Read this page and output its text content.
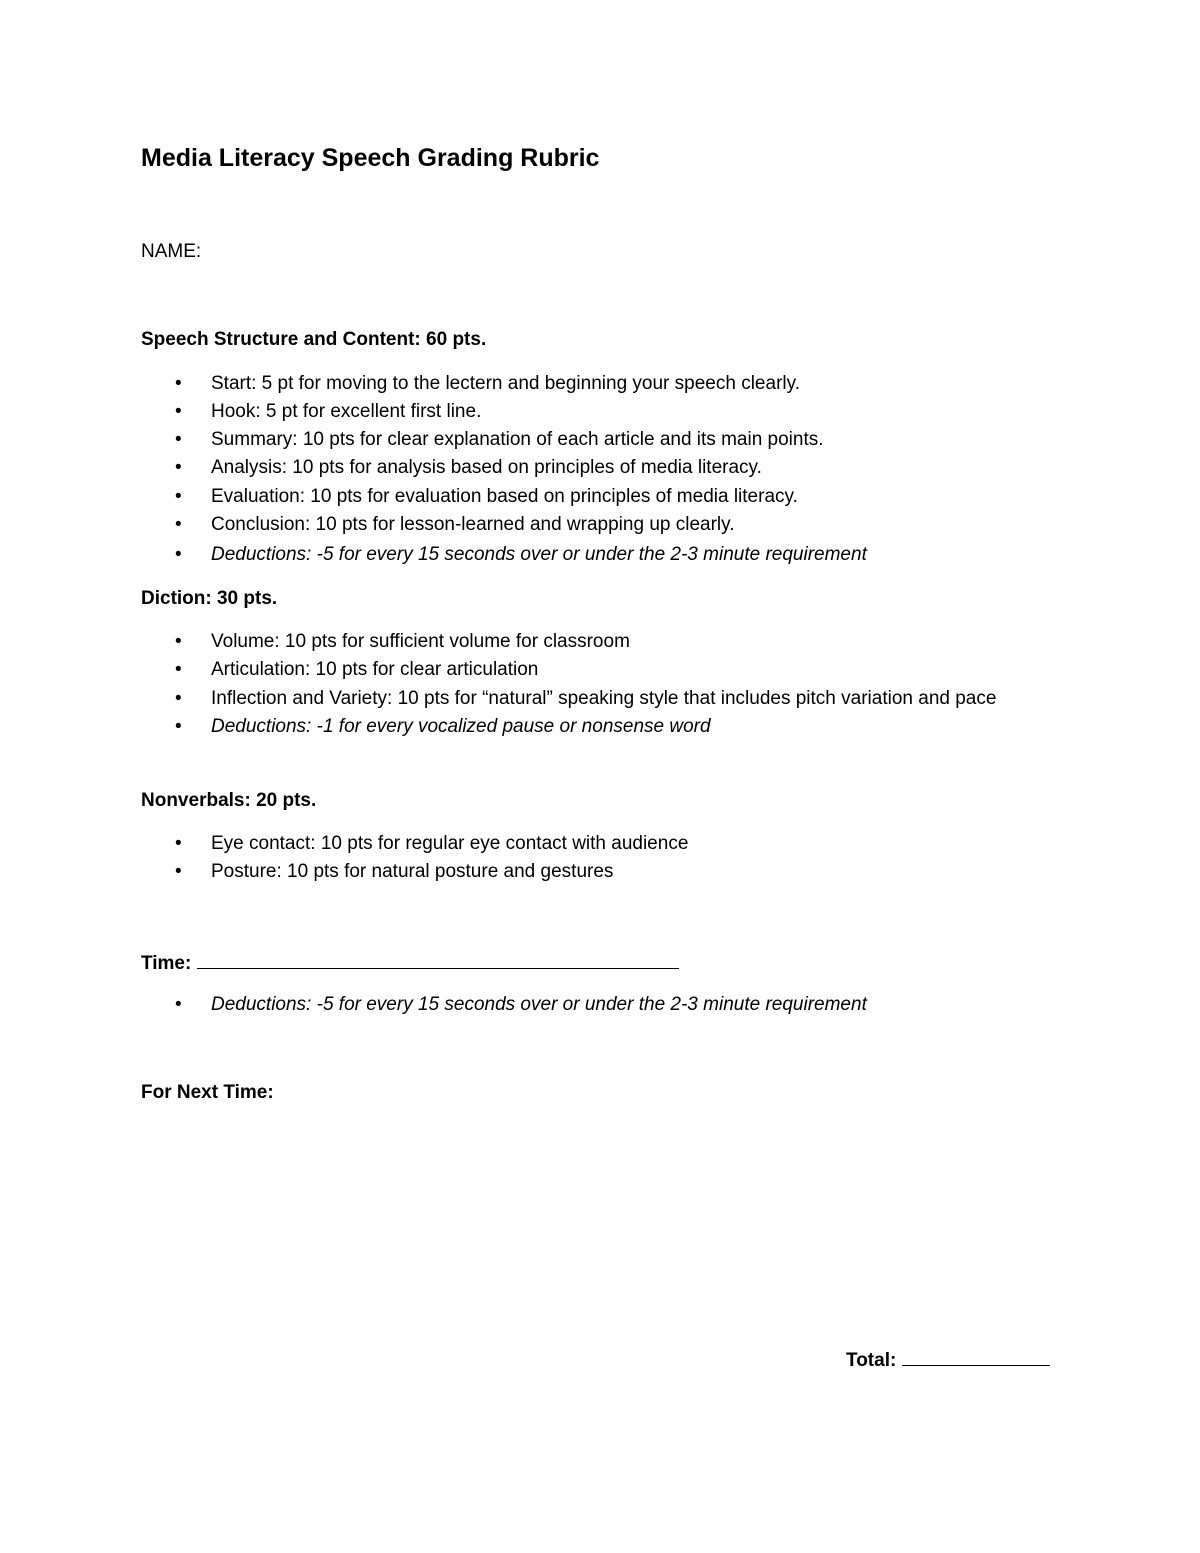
Media Literacy Speech Grading Rubric
NAME:
Speech Structure and Content: 60 pts.
• Start: 5 pt for moving to the lectern and beginning your speech clearly.
• Hook: 5 pt for excellent first line.
• Summary: 10 pts for clear explanation of each article and its main points.
• Analysis: 10 pts for analysis based on principles of media literacy.
• Evaluation: 10 pts for evaluation based on principles of media literacy.
• Conclusion: 10 pts for lesson-learned and wrapping up clearly.
• Deductions: -5 for every 15 seconds over or under the 2-3 minute requirement
Diction: 30 pts.
• Volume: 10 pts for sufficient volume for classroom
• Articulation: 10 pts for clear articulation
• Inflection and Variety: 10 pts for “natural” speaking style that includes pitch variation and pace
• Deductions: -1 for every vocalized pause or nonsense word
Nonverbals: 20 pts.
• Eye contact: 10 pts for regular eye contact with audience
• Posture: 10 pts for natural posture and gestures
Time:
• Deductions: -5 for every 15 seconds over or under the 2-3 minute requirement
For Next Time:
Total:
